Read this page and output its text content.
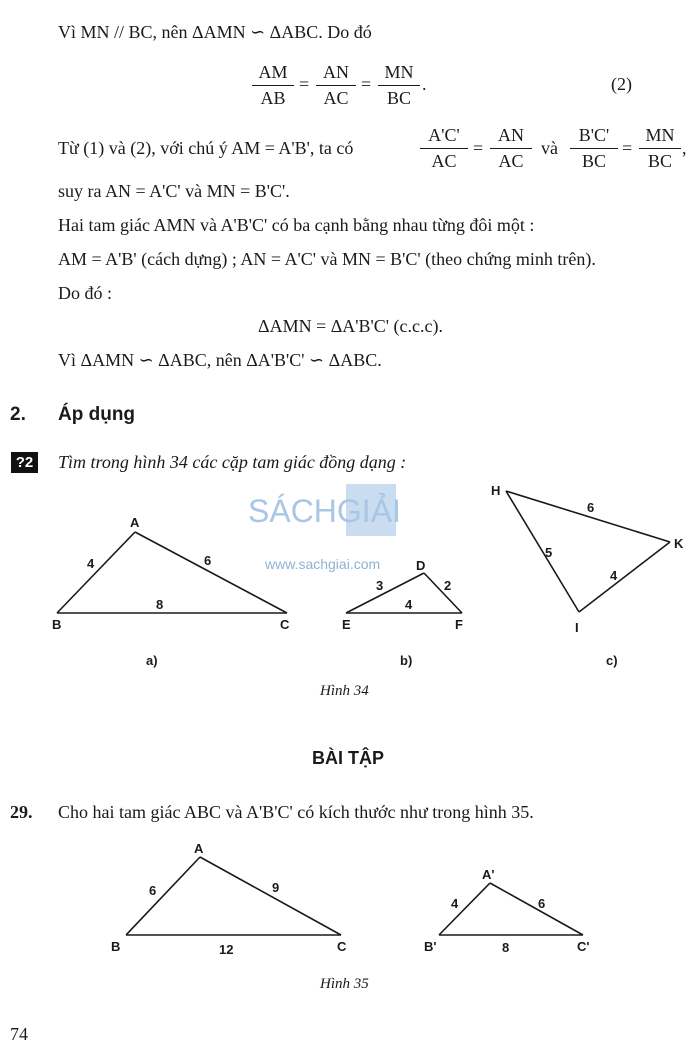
Vì MN // BC, nên ΔAMN ∽ ΔABC. Do đó
$\frac{AM}{AB} = \frac{AN}{AC} = \frac{MN}{BC}$ .	(2)
Từ (1) và (2), với chú ý AM = A'B', ta có	$\frac{A'C'}{AC} = \frac{AN}{AC}$ và $\frac{B'C'}{BC} = \frac{MN}{BC}$ ,
suy ra AN = A'C' và MN = B'C'.
Hai tam giác AMN và A'B'C' có ba cạnh bằng nhau từng đôi một :
AM = A'B' (cách dựng) ; AN = A'C' và MN = B'C' (theo chứng minh trên).
Do đó :
ΔAMN = ΔA'B'C' (c.c.c).
Vì ΔAMN ∽ ΔABC, nên ΔA'B'C' ∽ ΔABC.
2. Áp dụng
?2 Tìm trong hình 34 các cặp tam giác đồng dạng :
SÁCHGIẢI
www.sachgiai.com
A
B	C
4	6
8
a)
D
E	F
3	2
4
b)
H
I
K
5
6
4
c)
Hình 34
BÀI TẬP
29. Cho hai tam giác ABC và A'B'C' có kích thước như trong hình 35.
A
B	C
6	9
12
A'
B'	C'
4	6
8
Hình 35
74
